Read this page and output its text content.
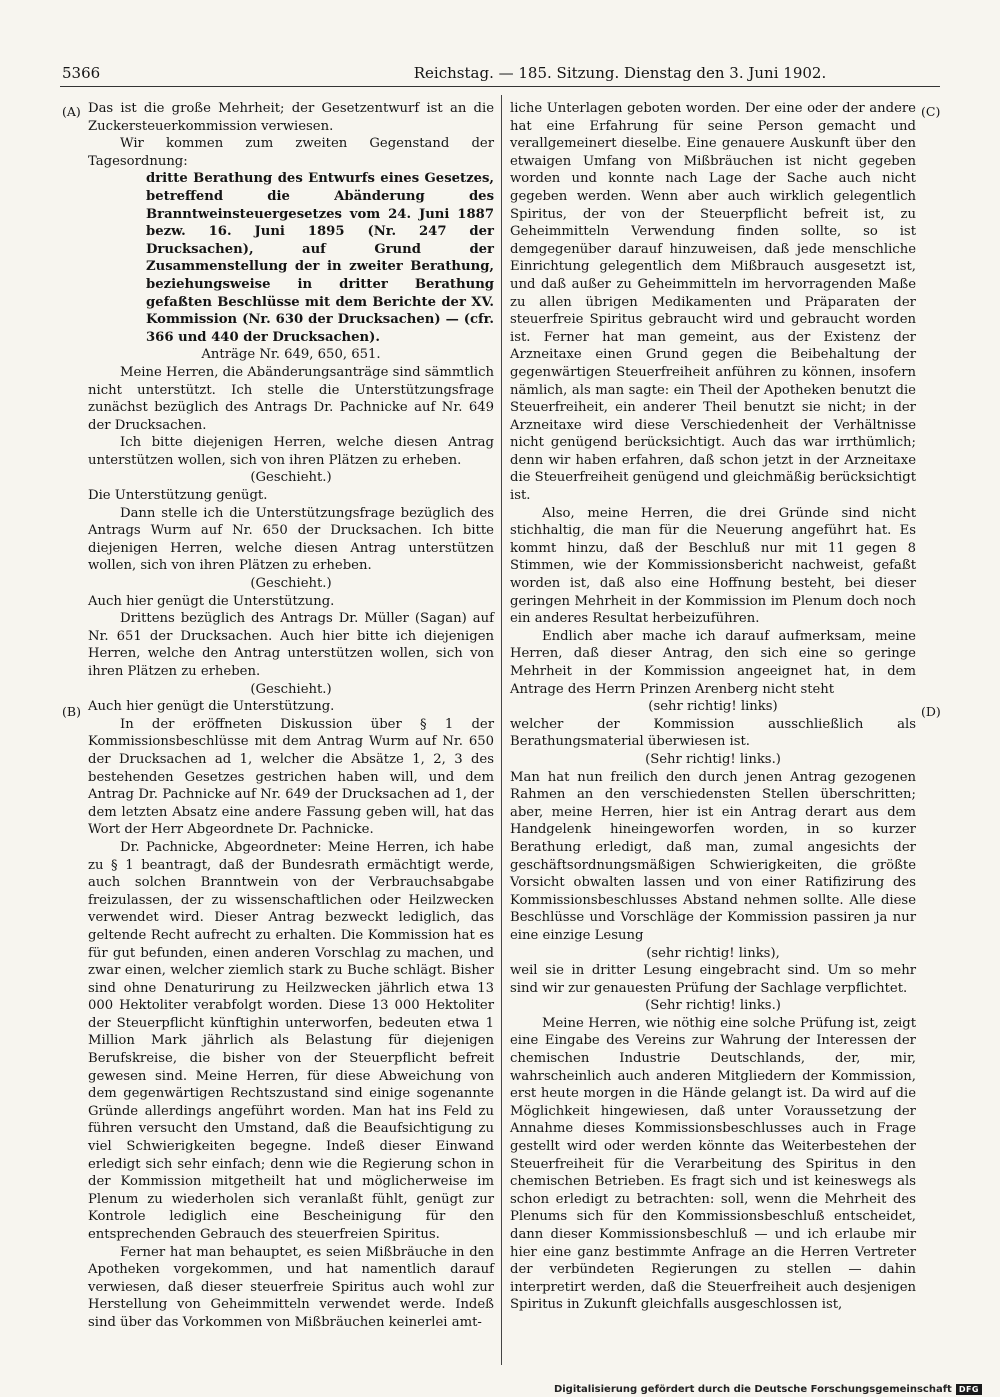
5366	Reichstag. — 185. Sitzung. Dienstag den 3. Juni 1902.
(A)
(B)
(C)
(D)

Das ist die große Mehrheit; der Gesetzentwurf ist an die Zuckersteuerkommission verwiesen.

Wir kommen zum zweiten Gegenstand der Tagesordnung:

dritte Berathung des Entwurfs eines Gesetzes, betreffend die Abänderung des Branntweinsteuergesetzes vom 24. Juni 1887 bezw. 16. Juni 1895 (Nr. 247 der Drucksachen), auf Grund der Zusammenstellung der in zweiter Berathung, beziehungsweise in dritter Berathung gefaßten Beschlüsse mit dem Berichte der XV. Kommission (Nr. 630 der Drucksachen) — (cfr. 366 und 440 der Drucksachen).

Anträge Nr. 649, 650, 651.

Meine Herren, die Abänderungsanträge sind sämmtlich nicht unterstützt. Ich stelle die Unterstützungsfrage zunächst bezüglich des Antrags Dr. Pachnicke auf Nr. 649 der Drucksachen.

Ich bitte diejenigen Herren, welche diesen Antrag unterstützen wollen, sich von ihren Plätzen zu erheben.

(Geschieht.)

Die Unterstützung genügt.

Dann stelle ich die Unterstützungsfrage bezüglich des Antrags Wurm auf Nr. 650 der Drucksachen. Ich bitte diejenigen Herren, welche diesen Antrag unterstützen wollen, sich von ihren Plätzen zu erheben.

(Geschieht.)

Auch hier genügt die Unterstützung.

Drittens bezüglich des Antrags Dr. Müller (Sagan) auf Nr. 651 der Drucksachen. Auch hier bitte ich diejenigen Herren, welche den Antrag unterstützen wollen, sich von ihren Plätzen zu erheben.

(Geschieht.)

Auch hier genügt die Unterstützung.

In der eröffneten Diskussion über § 1 der Kommissionsbeschlüsse mit dem Antrag Wurm auf Nr. 650 der Drucksachen ad 1, welcher die Absätze 1, 2, 3 des bestehenden Gesetzes gestrichen haben will, und dem Antrag Dr. Pachnicke auf Nr. 649 der Drucksachen ad 1, der dem letzten Absatz eine andere Fassung geben will, hat das Wort der Herr Abgeordnete Dr. Pachnicke.

Dr. Pachnicke, Abgeordneter: Meine Herren, ich habe zu § 1 beantragt, daß der Bundesrath ermächtigt werde, auch solchen Branntwein von der Verbrauchsabgabe freizulassen, der zu wissenschaftlichen oder Heilzwecken verwendet wird. Dieser Antrag bezweckt lediglich, das geltende Recht aufrecht zu erhalten. Die Kommission hat es für gut befunden, einen anderen Vorschlag zu machen, und zwar einen, welcher ziemlich stark zu Buche schlägt. Bisher sind ohne Denaturirung zu Heilzwecken jährlich etwa 13 000 Hektoliter verabfolgt worden. Diese 13 000 Hektoliter der Steuerpflicht künftighin unterworfen, bedeuten etwa 1 Million Mark jährlich als Belastung für diejenigen Berufskreise, die bisher von der Steuerpflicht befreit gewesen sind. Meine Herren, für diese Abweichung von dem gegenwärtigen Rechtszustand sind einige sogenannte Gründe allerdings angeführt worden. Man hat ins Feld zu führen versucht den Umstand, daß die Beaufsichtigung zu viel Schwierigkeiten begegne. Indeß dieser Einwand erledigt sich sehr einfach; denn wie die Regierung schon in der Kommission mitgetheilt hat und möglicherweise im Plenum zu wiederholen sich veranlaßt fühlt, genügt zur Kontrole lediglich eine Bescheinigung für den entsprechenden Gebrauch des steuerfreien Spiritus.

Ferner hat man behauptet, es seien Mißbräuche in den Apotheken vorgekommen, und hat namentlich darauf verwiesen, daß dieser steuerfreie Spiritus auch wohl zur Herstellung von Geheimmitteln verwendet werde. Indeß sind über das Vorkommen von Mißbräuchen keinerlei amt-

liche Unterlagen geboten worden. Der eine oder der andere hat eine Erfahrung für seine Person gemacht und verallgemeinert dieselbe. Eine genauere Auskunft über den etwaigen Umfang von Mißbräuchen ist nicht gegeben worden und konnte nach Lage der Sache auch nicht gegeben werden. Wenn aber auch wirklich gelegentlich Spiritus, der von der Steuerpflicht befreit ist, zu Geheimmitteln Verwendung finden sollte, so ist demgegenüber darauf hinzuweisen, daß jede menschliche Einrichtung gelegentlich dem Mißbrauch ausgesetzt ist, und daß außer zu Geheimmitteln im hervorragenden Maße zu allen übrigen Medikamenten und Präparaten der steuerfreie Spiritus gebraucht wird und gebraucht worden ist. Ferner hat man gemeint, aus der Existenz der Arzneitaxe einen Grund gegen die Beibehaltung der gegenwärtigen Steuerfreiheit anführen zu können, insofern nämlich, als man sagte: ein Theil der Apotheken benutzt die Steuerfreiheit, ein anderer Theil benutzt sie nicht; in der Arzneitaxe wird diese Verschiedenheit der Verhältnisse nicht genügend berücksichtigt. Auch das war irrthümlich; denn wir haben erfahren, daß schon jetzt in der Arzneitaxe die Steuerfreiheit genügend und gleichmäßig berücksichtigt ist.

Also, meine Herren, die drei Gründe sind nicht stichhaltig, die man für die Neuerung angeführt hat. Es kommt hinzu, daß der Beschluß nur mit 11 gegen 8 Stimmen, wie der Kommissionsbericht nachweist, gefaßt worden ist, daß also eine Hoffnung besteht, bei dieser geringen Mehrheit in der Kommission im Plenum doch noch ein anderes Resultat herbeizuführen.

Endlich aber mache ich darauf aufmerksam, meine Herren, daß dieser Antrag, den sich eine so geringe Mehrheit in der Kommission angeeignet hat, in dem Antrage des Herrn Prinzen Arenberg nicht steht

(sehr richtig! links)

welcher der Kommission ausschließlich als Berathungsmaterial überwiesen ist.

(Sehr richtig! links.)

Man hat nun freilich den durch jenen Antrag gezogenen Rahmen an den verschiedensten Stellen überschritten; aber, meine Herren, hier ist ein Antrag derart aus dem Handgelenk hineingeworfen worden, in so kurzer Berathung erledigt, daß man, zumal angesichts der geschäftsordnungsmäßigen Schwierigkeiten, die größte Vorsicht obwalten lassen und von einer Ratifizirung des Kommissionsbeschlusses Abstand nehmen sollte. Alle diese Beschlüsse und Vorschläge der Kommission passiren ja nur eine einzige Lesung

(sehr richtig! links),

weil sie in dritter Lesung eingebracht sind. Um so mehr sind wir zur genauesten Prüfung der Sachlage verpflichtet.

(Sehr richtig! links.)

Meine Herren, wie nöthig eine solche Prüfung ist, zeigt eine Eingabe des Vereins zur Wahrung der Interessen der chemischen Industrie Deutschlands, der, mir, wahrscheinlich auch anderen Mitgliedern der Kommission, erst heute morgen in die Hände gelangt ist. Da wird auf die Möglichkeit hingewiesen, daß unter Voraussetzung der Annahme dieses Kommissionsbeschlusses auch in Frage gestellt wird oder werden könnte das Weiterbestehen der Steuerfreiheit für die Verarbeitung des Spiritus in den chemischen Betrieben. Es fragt sich und ist keineswegs als schon erledigt zu betrachten: soll, wenn die Mehrheit des Plenums sich für den Kommissionsbeschluß entscheidet, dann dieser Kommissionsbeschluß — und ich erlaube mir hier eine ganz bestimmte Anfrage an die Herren Vertreter der verbündeten Regierungen zu stellen — dahin interpretirt werden, daß die Steuerfreiheit auch desjenigen Spiritus in Zukunft gleichfalls ausgeschlossen ist,

Digitalisierung gefördert durch die Deutsche Forschungsgemeinschaft DFG
